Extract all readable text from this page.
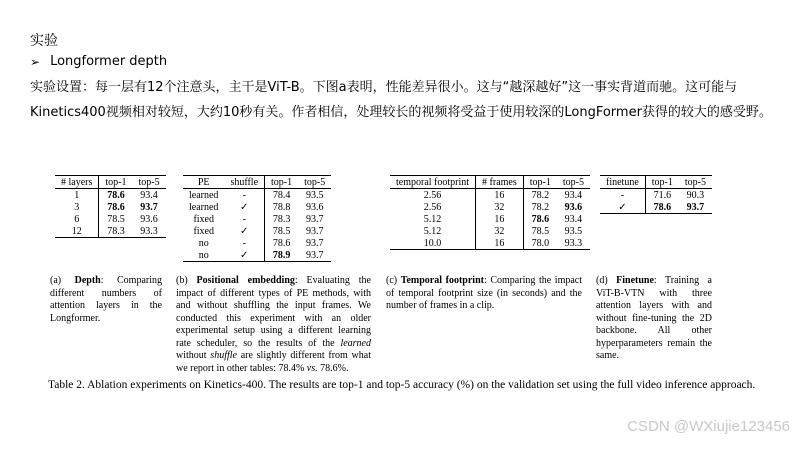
实验
➢ Longformer depth
实验设置：每一层有12个注意头，主干是ViT-B。下图a表明，性能差异很小。这与“越深越好”这一事实背道而驰。这可能与Kinetics400视频相对较短，大约10秒有关。作者相信，处理较长的视频将受益于使用较深的LongFormer获得的较大的感受野。
# layers	top-1	top-5
1	78.6	93.4
3	78.6	93.7
6	78.5	93.6
12	78.3	93.3
PE	shuffle	top-1	top-5
learned	-	78.4	93.5
learned	✓	78.8	93.6
fixed	-	78.3	93.7
fixed	✓	78.5	93.7
no	-	78.6	93.7
no	✓	78.9	93.7
temporal footprint	# frames	top-1	top-5
2.56	16	78.2	93.4
2.56	32	78.2	93.6
5.12	16	78.6	93.4
5.12	32	78.5	93.5
10.0	16	78.0	93.3
finetune	top-1	top-5
-	71.6	90.3
✓	78.6	93.7
(a) Depth: Comparing different numbers of attention layers in the Longformer.
(b) Positional embedding: Evaluating the impact of different types of PE methods, with and without shuffling the input frames. We conducted this experiment with an older experimental setup using a different learning rate scheduler, so the results of the learned without shuffle are slightly different from what we report in other tables: 78.4% vs. 78.6%.
(c) Temporal footprint: Comparing the impact of temporal footprint size (in seconds) and the number of frames in a clip.
(d) Finetune: Training a ViT-B-VTN with three attention layers with and without fine-tuning the 2D backbone. All other hyperparameters remain the same.
Table 2. Ablation experiments on Kinetics-400. The results are top-1 and top-5 accuracy (%) on the validation set using the full video inference approach.
CSDN @WXiujie123456
